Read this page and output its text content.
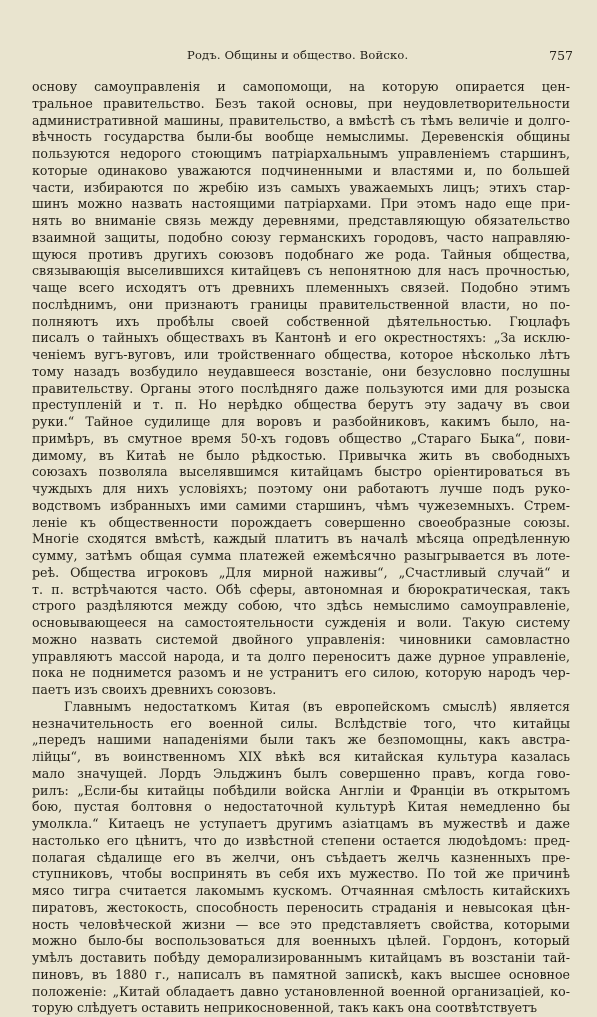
Родъ. Общины и общество. Войско.	757
основу самоуправленія и самопомощи, на которую опирается цен-
тральное правительство. Безъ такой основы, при неудовлетворительности
административной машины, правительство, а вмѣстѣ съ тѣмъ величіе и долго-
вѣчность государства были-бы вообще немыслимы. Деревенскія общины
пользуются недорого стоющимъ патріархальнымъ управленіемъ старшинъ,
которые одинаково уважаются подчиненными и властями и, по большей
части, избираются по жребію изъ самыхъ уважаемыхъ лицъ; этихъ стар-
шинъ можно назвать настоящими патріархами. При этомъ надо еще при-
нять во вниманіе связь между деревнями, представляющую обязательство
взаимной защиты, подобно союзу германскихъ городовъ, часто направляю-
щуюся противъ другихъ союзовъ подобнаго же рода. Тайныя общества,
связывающія выселившихся китайцевъ съ непонятною для насъ прочностью,
чаще всего исходятъ отъ древнихъ племенныхъ связей. Подобно этимъ
послѣднимъ, они признаютъ границы правительственной власти, но по-
полняютъ ихъ пробѣлы своей собственной дѣятельностью. Гюцлафъ
писалъ о тайныхъ обществахъ въ Кантонѣ и его окрестностяхъ: „За исклю-
ченіемъ вугъ-вуговъ, или тройственнаго общества, которое нѣсколько лѣтъ
тому назадъ возбудило неудавшееся возстаніе, они безусловно послушны
правительству. Органы этого послѣдняго даже пользуются ими для розыска
преступленій и т. п. Но нерѣдко общества берутъ эту задачу въ свои
руки.“ Тайное судилище для воровъ и разбойниковъ, какимъ было, на-
примѣръ, въ смутное время 50-хъ годовъ общество „Стараго Быка“, пови-
димому, въ Китаѣ не было рѣдкостью. Привычка жить въ свободныхъ
союзахъ позволяла выселявшимся китайцамъ быстро оріентироваться въ
чуждыхъ для нихъ условіяхъ; поэтому они работаютъ лучше подъ руко-
водствомъ избранныхъ ими самими старшинъ, чѣмъ чужеземныхъ. Стрем-
леніе къ общественности порождаетъ совершенно своеобразные союзы.
Многіе сходятся вмѣстѣ, каждый платитъ въ началѣ мѣсяца опредѣленную
сумму, затѣмъ общая сумма платежей ежемѣсячно разыгрывается въ лоте-
реѣ. Общества игроковъ „Для мирной наживы“, „Счастливый случай“ и
т. п. встрѣчаются часто. Обѣ сферы, автономная и бюрократическая, такъ
строго раздѣляются между собою, что здѣсь немыслимо самоуправленіе,
основывающееся на самостоятельности сужденія и воли. Такую систему
можно назвать системой двойного управленія: чиновники самовластно
управляютъ массой народа, и та долго переноситъ даже дурное управленіе,
пока не поднимется разомъ и не устранитъ его силою, которую народъ чер-
паетъ изъ своихъ древнихъ союзовъ.
Главнымъ недостаткомъ Китая (въ европейскомъ смыслѣ) является
незначительность его военной силы. Вслѣдствіе того, что китайцы
„передъ нашими нападеніями были такъ же безпомощны, какъ австра-
лійцы“, въ воинственномъ XIX вѣкѣ вся китайская культура казалась
мало значущей. Лордъ Эльджинъ былъ совершенно правъ, когда гово-
рилъ: „Если-бы китайцы побѣдили войска Англіи и Франціи въ открытомъ
бою, пустая болтовня о недостаточной культурѣ Китая немедленно бы
умолкла.“ Китаецъ не уступаетъ другимъ азіатцамъ въ мужествѣ и даже
настолько его цѣнитъ, что до извѣстной степени остается людоѣдомъ: пред-
полагая сѣдалище его въ желчи, онъ съѣдаетъ желчь казненныхъ пре-
ступниковъ, чтобы воспринять въ себя ихъ мужество. По той же причинѣ
мясо тигра считается лакомымъ кускомъ. Отчаянная смѣлость китайскихъ
пиратовъ, жестокость, способность переносить страданія и невысокая цѣн-
ность человѣческой жизни — все это представляетъ свойства, которыми
можно было-бы воспользоваться для военныхъ цѣлей. Гордонъ, который
умѣлъ доставить побѣду деморализированнымъ китайцамъ въ возстаніи тай-
пиновъ, въ 1880 г., написалъ въ памятной запискѣ, какъ высшее основное
положеніе: „Китай обладаетъ давно установленной военной организаціей, ко-
торую слѣдуетъ оставить неприкосновенной, такъ какъ она соотвѣтствуетъ
